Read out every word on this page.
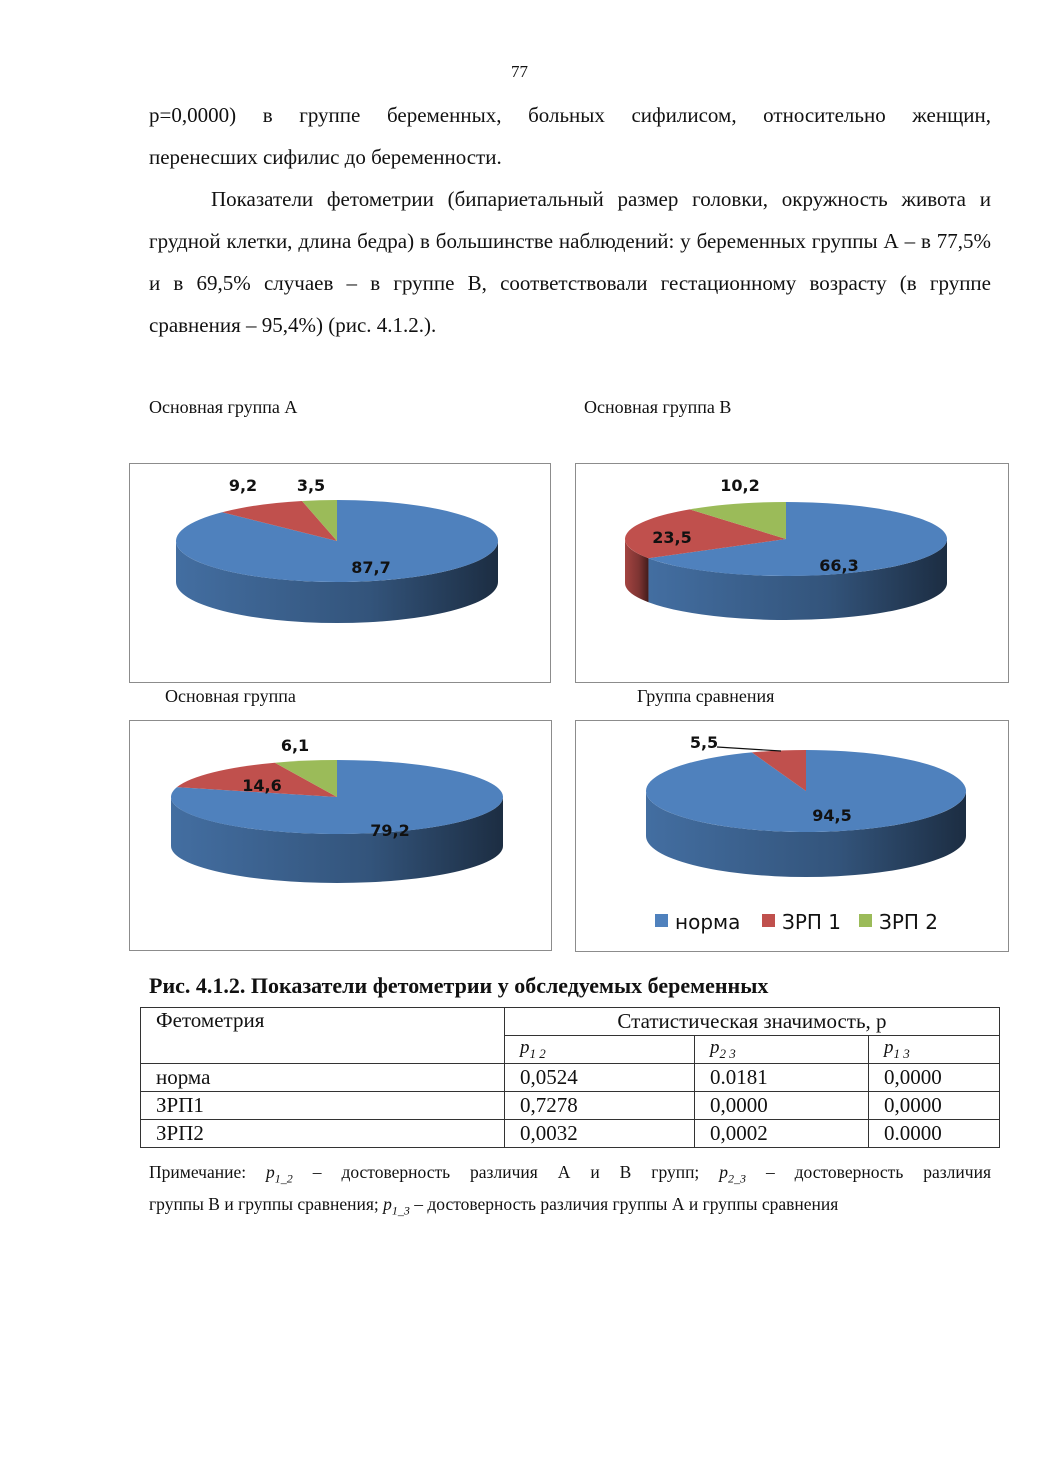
77
p=0,0000) в группе беременных, больных сифилисом, относительно женщин,
перенесших сифилис до беременности.
Показатели фетометрии (бипариетальный размер головки, окружность живота и грудной клетки, длина бедра) в большинстве наблюдений: у беременных группы А – в 77,5% и в 69,5% случаев – в группе В, соответствовали гестационному возрасту (в группе сравнения – 95,4%) (рис. 4.1.2.).
Основная группа А	Основная группа В
Основная группа	Группа сравнения
87,7
9,2 3,5
66,3
23,5
10,2
79,2
14,6
6,1
94,5
5,5
норма ЗРП 1 ЗРП 2
Рис. 4.1.2. Показатели фетометрии у обследуемых беременных
Фетометрия	Статистическая значимость, p		
	$p_{1 2}$	$p_{2 3}$	$p_{1 3}$
норма	0,0524	0.0181	0,0000
ЗРП1	0,7278	0,0000	0,0000
ЗРП2	0,0032	0,0002	0.0000
Примечание: $p_{1\_2}$ – достоверность различия А и В групп; $p_{2\_3}$ – достоверность различия
группы В и группы сравнения; $p_{1\_3}$ – достоверность различия группы А и группы сравнения
